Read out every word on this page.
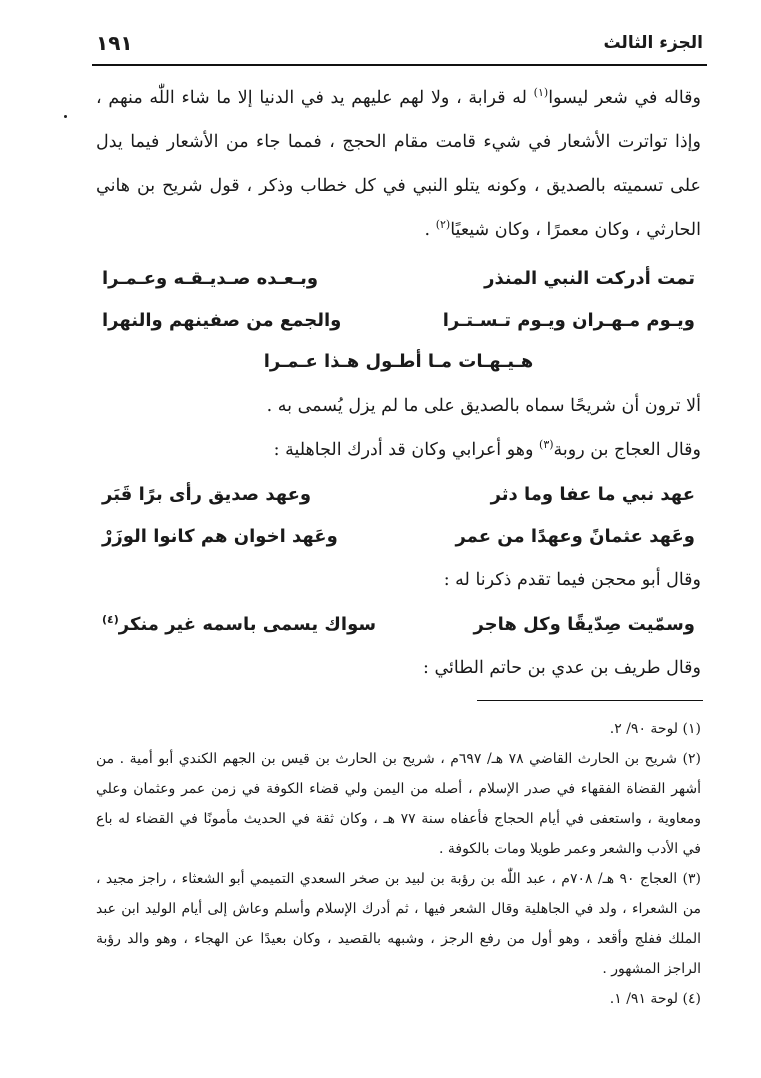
الجزء الثالث
١٩١

وقاله في شعر ليسوا$^{(١)}$ له قرابة ، ولا لهم عليهم يد في الدنيا إلا ما شاء اللّٰه منهم ، وإذا تواترت الأشعار في شيء قامت مقام الحجج ، فمما جاء من الأشعار فيما يدل على تسميته بالصديق ، وكونه يتلو النبي في كل خطاب وذكر ، قول شريح بن هاني الحارثي ، وكان معمرًا ، وكان شيعيًا$^{(٢)}$ .

تمت أدركت النبي المنذر
وبـعـده صـديـقـه وعـمـرا
ويـوم مـهـران ويـوم تـسـتـرا
والجمع من صفينهم والنهرا
هـيـهـات مـا أطـول هـذا عـمـرا

ألا ترون أن شريحًا سماه بالصديق على ما لم يزل يُسمى به .

وقال العجاج بن روبة$^{(٣)}$ وهو أعرابي وكان قد أدرك الجاهلية :

عهد نبي ما عفا وما دثر
وعهد صديق رأى برًا قَبَر
وعَهد عثمانً وعهدًا من عمر
وعَهد اخوان هم كانوا الوزَرْ

وقال أبو محجن فيما تقدم ذكرنا له :

وسمّيت صِدّيقًا وكل هاجر
سواك يسمى باسمه غير منكر$^{(٤)}$

وقال طريف بن عدي بن حاتم الطائي :

(١) لوحة ٩٠/ ٢.

(٢) شريح بن الحارث القاضي ٧٨ هـ/ ٦٩٧م ، شريح بن الحارث بن قيس بن الجهم الكندي أبو أمية . من أشهر القضاة الفقهاء في صدر الإسلام ، أصله من اليمن ولي قضاء الكوفة في زمن عمر وعثمان وعلي ومعاوية ، واستعفى في أيام الحجاج فأعفاه سنة ٧٧ هـ ، وكان ثقة في الحديث مأمونًا في القضاء له باع في الأدب والشعر وعمر طويلا ومات بالكوفة .

(٣) العجاج ٩٠ هـ/ ٧٠٨م ، عبد اللّٰه بن رؤبة بن لبيد بن صخر السعدي التميمي أبو الشعثاء ، راجز مجيد ، من الشعراء ، ولد في الجاهلية وقال الشعر فيها ، ثم أدرك الإسلام وأسلم وعاش إلى أيام الوليد ابن عبد الملك ففلج وأقعد ، وهو أول من رفع الرجز ، وشبهه بالقصيد ، وكان بعيدًا عن الهجاء ، وهو والد رؤبة الراجز المشهور .

(٤) لوحة ٩١/ ١.
